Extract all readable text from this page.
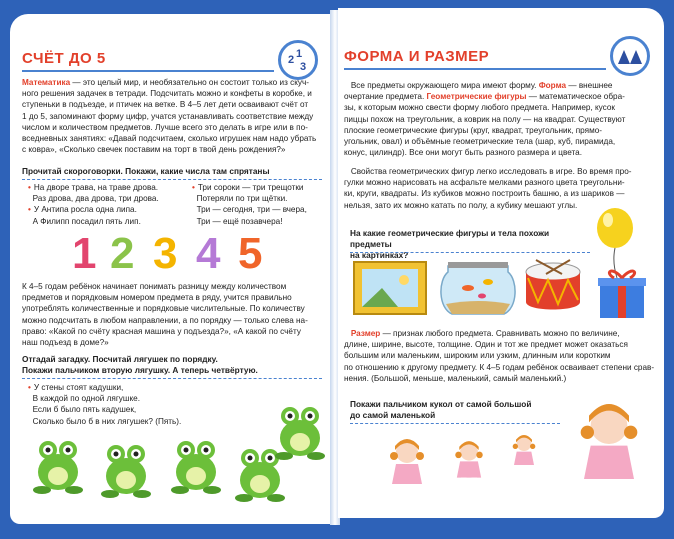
СЧЁТ ДО 5	2 1
3
Математика — это целый мир, и необязательно он состоит только из скуч-
ного решения задачек в тетради. Подсчитать можно и конфеты в коробке, и
ступеньки в подъезде, и птичек на ветке. В 4–5 лет дети осваивают счёт от
1 до 5, запоминают форму цифр, учатся устанавливать соответствие между
числом и количеством предметов. Лучше всего это делать в игре или в по-
вседневных занятиях: «Давай подсчитаем, сколько игрушек нам надо убрать
с ковра», «Сколько свечек поставим на торт в твой день рождения?»
Прочитай скороговорки. Покажи, какие числа там спрятаны
• На дворе трава, на траве дрова.
Раз дрова, два дрова, три дрова.
• У Антипа росла одна липа.
А Филипп посадил пять лип.
• Три сороки — три трещотки
Потеряли по три щётки.
Три — сегодня, три — вчера,
Три — ещё позавчера!
1 2 3 4 5
К 4–5 годам ребёнок начинает понимать разницу между количеством
предметов и порядковым номером предмета в ряду, учится правильно
употреблять количественные и порядковые числительные. По количеству
можно подсчитать в любом направлении, а по порядку — только слева на-
право: «Какой по счёту красная машина у подъезда?», «А какой по счёту
наш подъезд в доме?»
Отгадай загадку. Посчитай лягушек по порядку.
Покажи пальчиком вторую лягушку. А теперь четвёртую.
• У стены стоят кадушки,
В каждой по одной лягушке.
Если б было пять кадушек,
Сколько было б в них лягушек? (Пять).
ФОРМА И РАЗМЕР
Все предметы окружающего мира имеют форму. Форма — внешнее
очертание предмета. Геометрические фигуры — математическое обра-
зы, к которым можно свести форму любого предмета. Например, кусок
пиццы похож на треугольник, а коврик на полу — на квадрат. Существуют
плоские геометрические фигуры (круг, квадрат, треугольник, прямо-
угольник, овал) и объёмные геометрические тела (шар, куб, пирамида,
конус, цилиндр). Все они могут быть разного размера и цвета.
Свойства геометрических фигур легко исследовать в игре. Во время про-
гулки можно нарисовать на асфальте мелками разного цвета треугольни-
ки, круги, квадраты. Из кубиков можно построить башню, а из шариков —
нельзя, зато их можно катать по полу, а кубику мешают углы.
На какие геометрические фигуры и тела похожи предметы
на картинках?
Размер — признак любого предмета. Сравнивать можно по величине,
длине, ширине, высоте, толщине. Один и тот же предмет может оказаться
большим или маленьким, широким или узким, длинным или коротким
по отношению к другому предмету. К 4–5 годам ребёнок осваивает степени срав-
нения. (Большой, меньше, маленький, самый маленький.)
Покажи пальчиком кукол от самой большой
до самой маленькой
